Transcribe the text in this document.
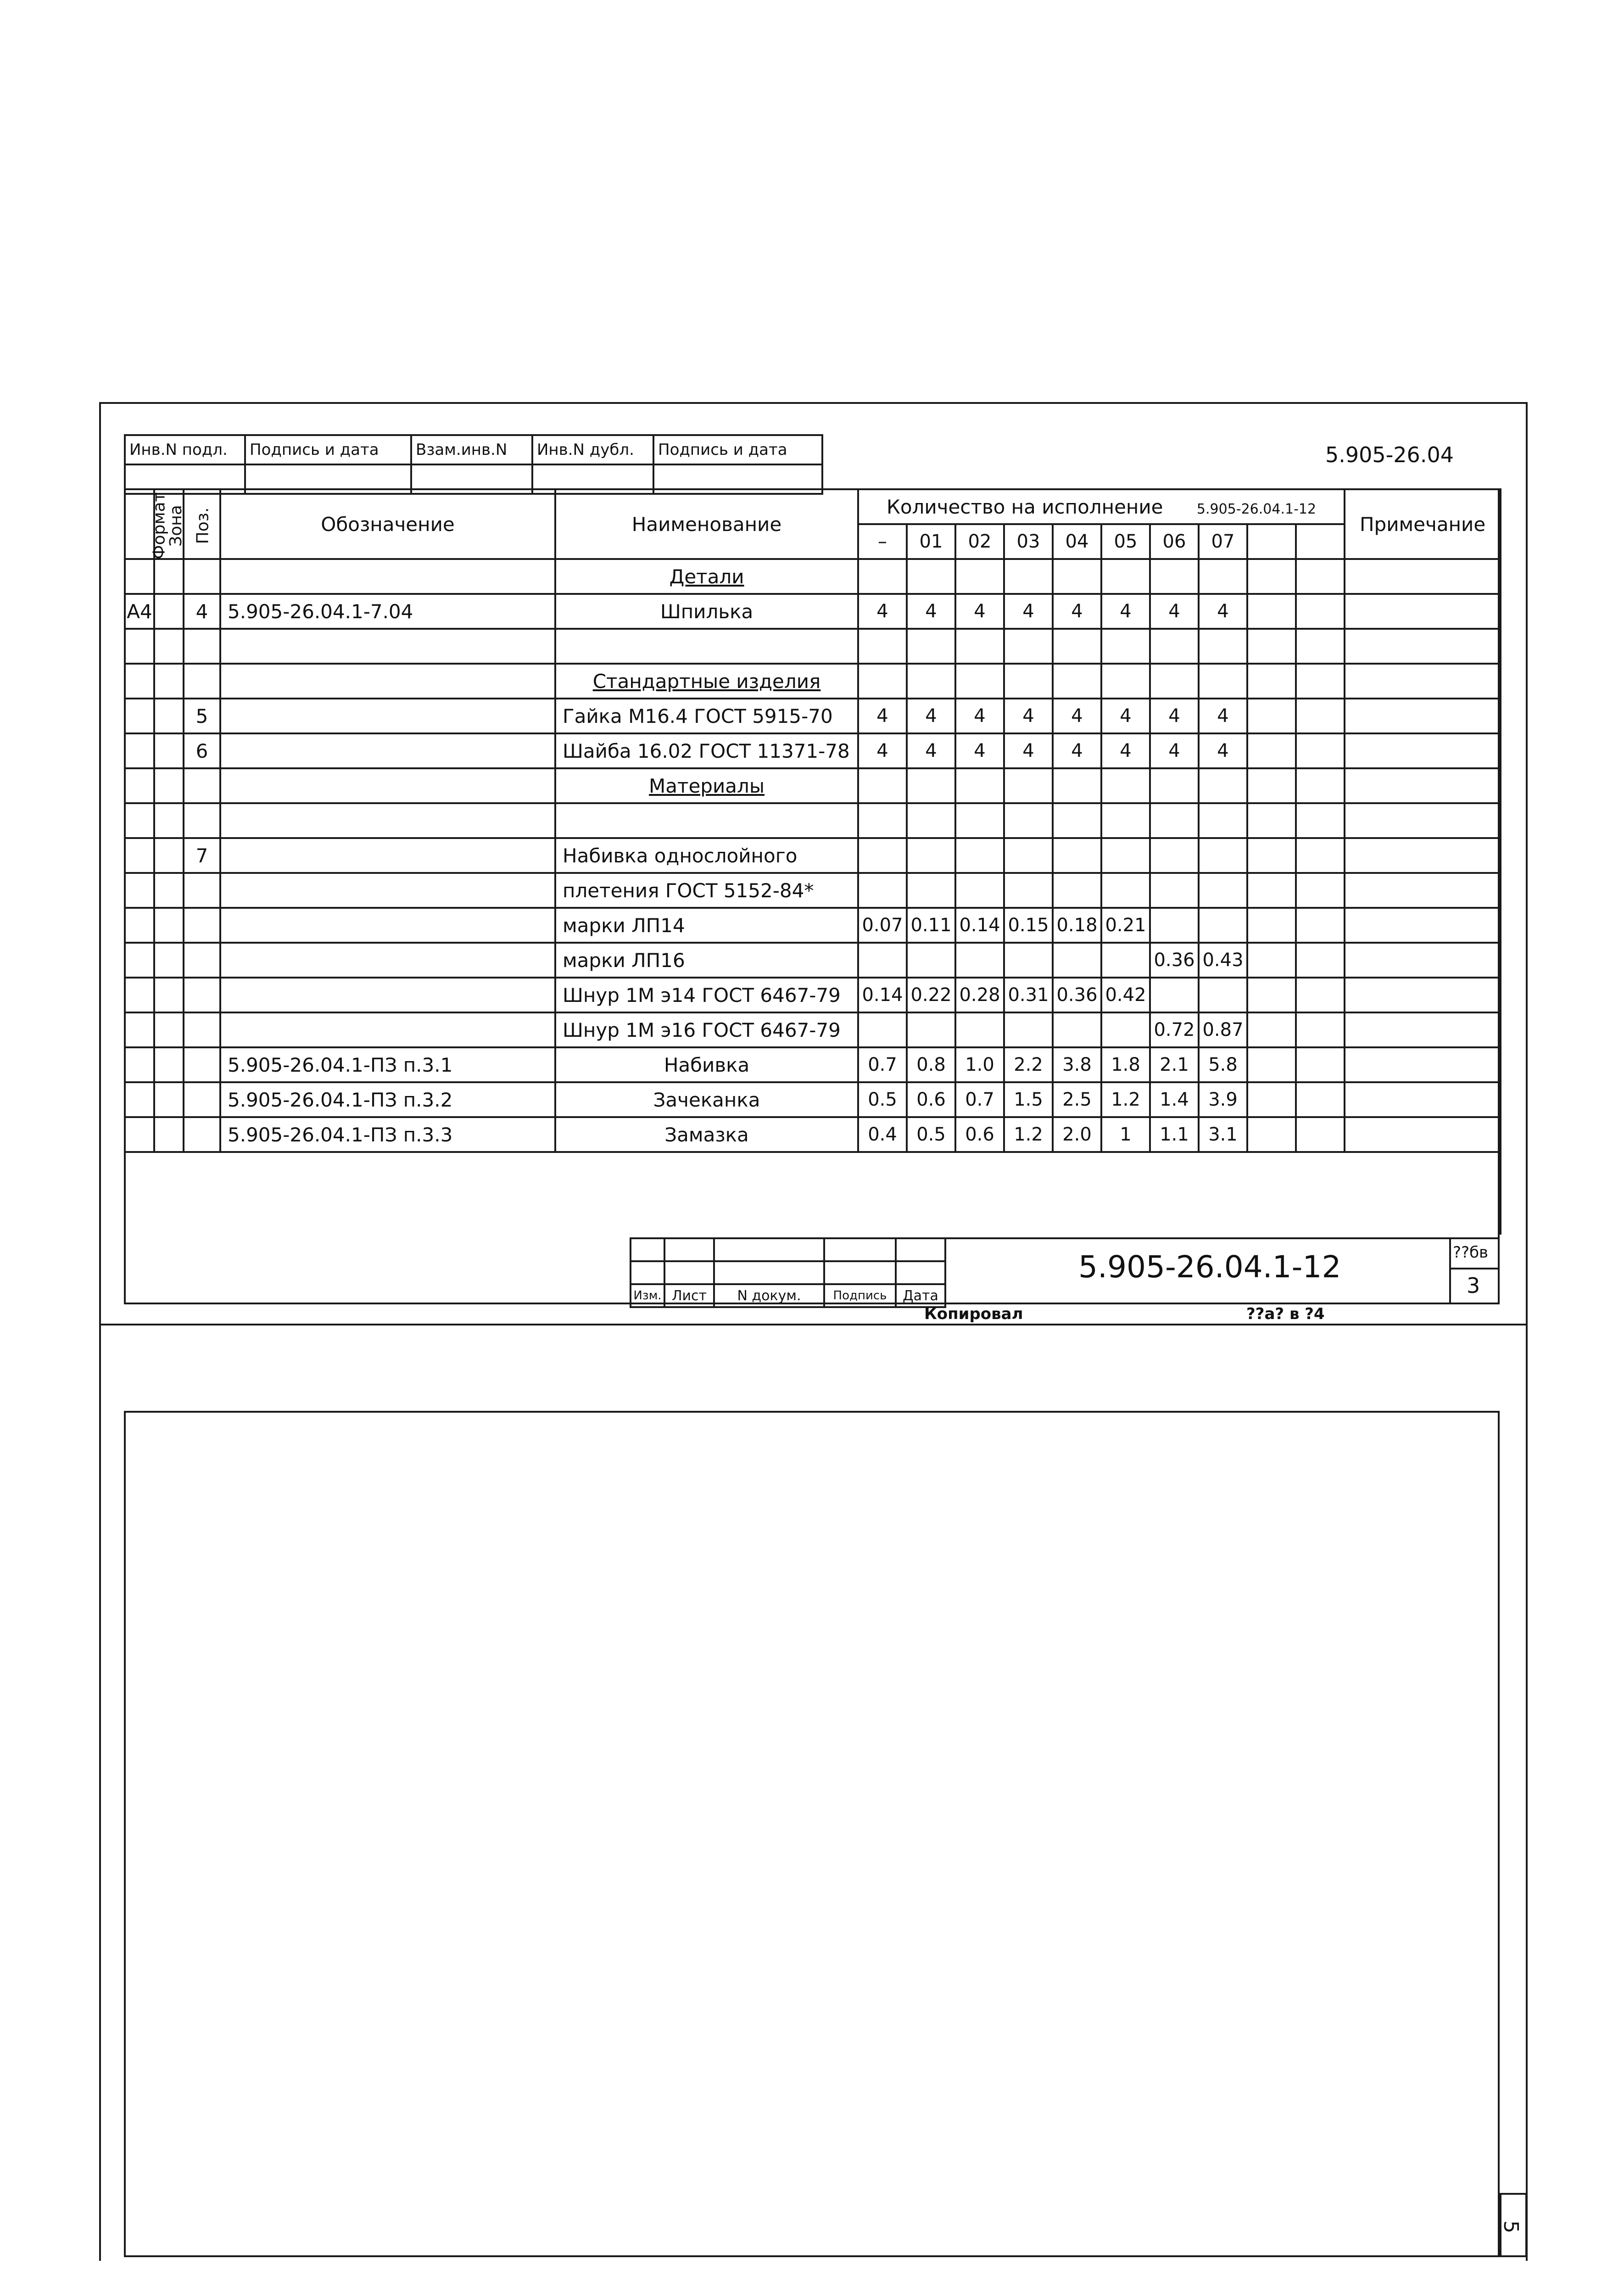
5
5.905-26.04
Инв.N подл.	Подпись и дата	Взам.инв.N	Инв.N дубл.	Подпись и дата

Формат	Зона	Поз.	Обозначение	Наименование	Количество на исполнение 5.905-26.04.1-12										Примечание
					–	01	02	03	04	05	06	07			
				Детали											
А4		4	5.905-26.04.1-7.04	Шпилька	4	4	4	4	4	4	4	4			

				Стандартные изделия											
		5		Гайка М16.4 ГОСТ 5915-70	4	4	4	4	4	4	4	4			
		6		Шайба 16.02 ГОСТ 11371-78	4	4	4	4	4	4	4	4			
				Материалы											

		7		Набивка однослойного											
				плетения ГОСТ 5152-84*											
				марки ЛП14	0.07	0.11	0.14	0.15	0.18	0.21					
				марки ЛП16							0.36	0.43			
				Шнур 1М э14 ГОСТ 6467-79	0.14	0.22	0.28	0.31	0.36	0.42					
				Шнур 1М э16 ГОСТ 6467-79							0.72	0.87			
			5.905-26.04.1-ПЗ п.3.1	Набивка	0.7	0.8	1.0	2.2	3.8	1.8	2.1	5.8			
			5.905-26.04.1-ПЗ п.3.2	Зачеканка	0.5	0.6	0.7	1.5	2.5	1.2	1.4	3.9			
			5.905-26.04.1-ПЗ п.3.3	Замазка	0.4	0.5	0.6	1.2	2.0	1	1.1	3.1			

Изм.	Лист	N докум.	Подпись	Дата
5.905-26.04.1-12	??бв
3
Копировал	??а? в ?4
